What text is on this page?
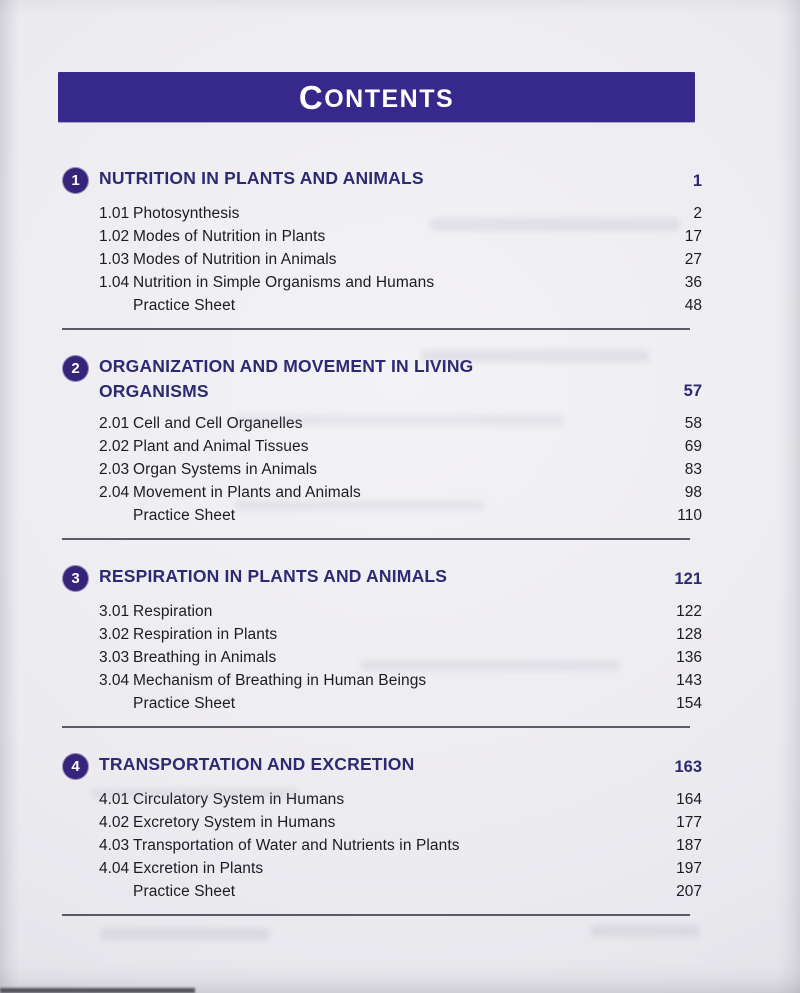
C ONTENTS
1 NUTRITION IN PLANTS AND ANIMALS	1
1.01 Photosynthesis	2
1.02 Modes of Nutrition in Plants	17
1.03 Modes of Nutrition in Animals	27
1.04 Nutrition in Simple Organisms and Humans	36
Practice Sheet	48
2 ORGANIZATION AND MOVEMENT IN LIVING ORGANISMS	57
2.01 Cell and Cell Organelles	58
2.02 Plant and Animal Tissues	69
2.03 Organ Systems in Animals	83
2.04 Movement in Plants and Animals	98
Practice Sheet	110
3 RESPIRATION IN PLANTS AND ANIMALS	121
3.01 Respiration	122
3.02 Respiration in Plants	128
3.03 Breathing in Animals	136
3.04 Mechanism of Breathing in Human Beings	143
Practice Sheet	154
4 TRANSPORTATION AND EXCRETION	163
4.01 Circulatory System in Humans	164
4.02 Excretory System in Humans	177
4.03 Transportation of Water and Nutrients in Plants	187
4.04 Excretion in Plants	197
Practice Sheet	207
